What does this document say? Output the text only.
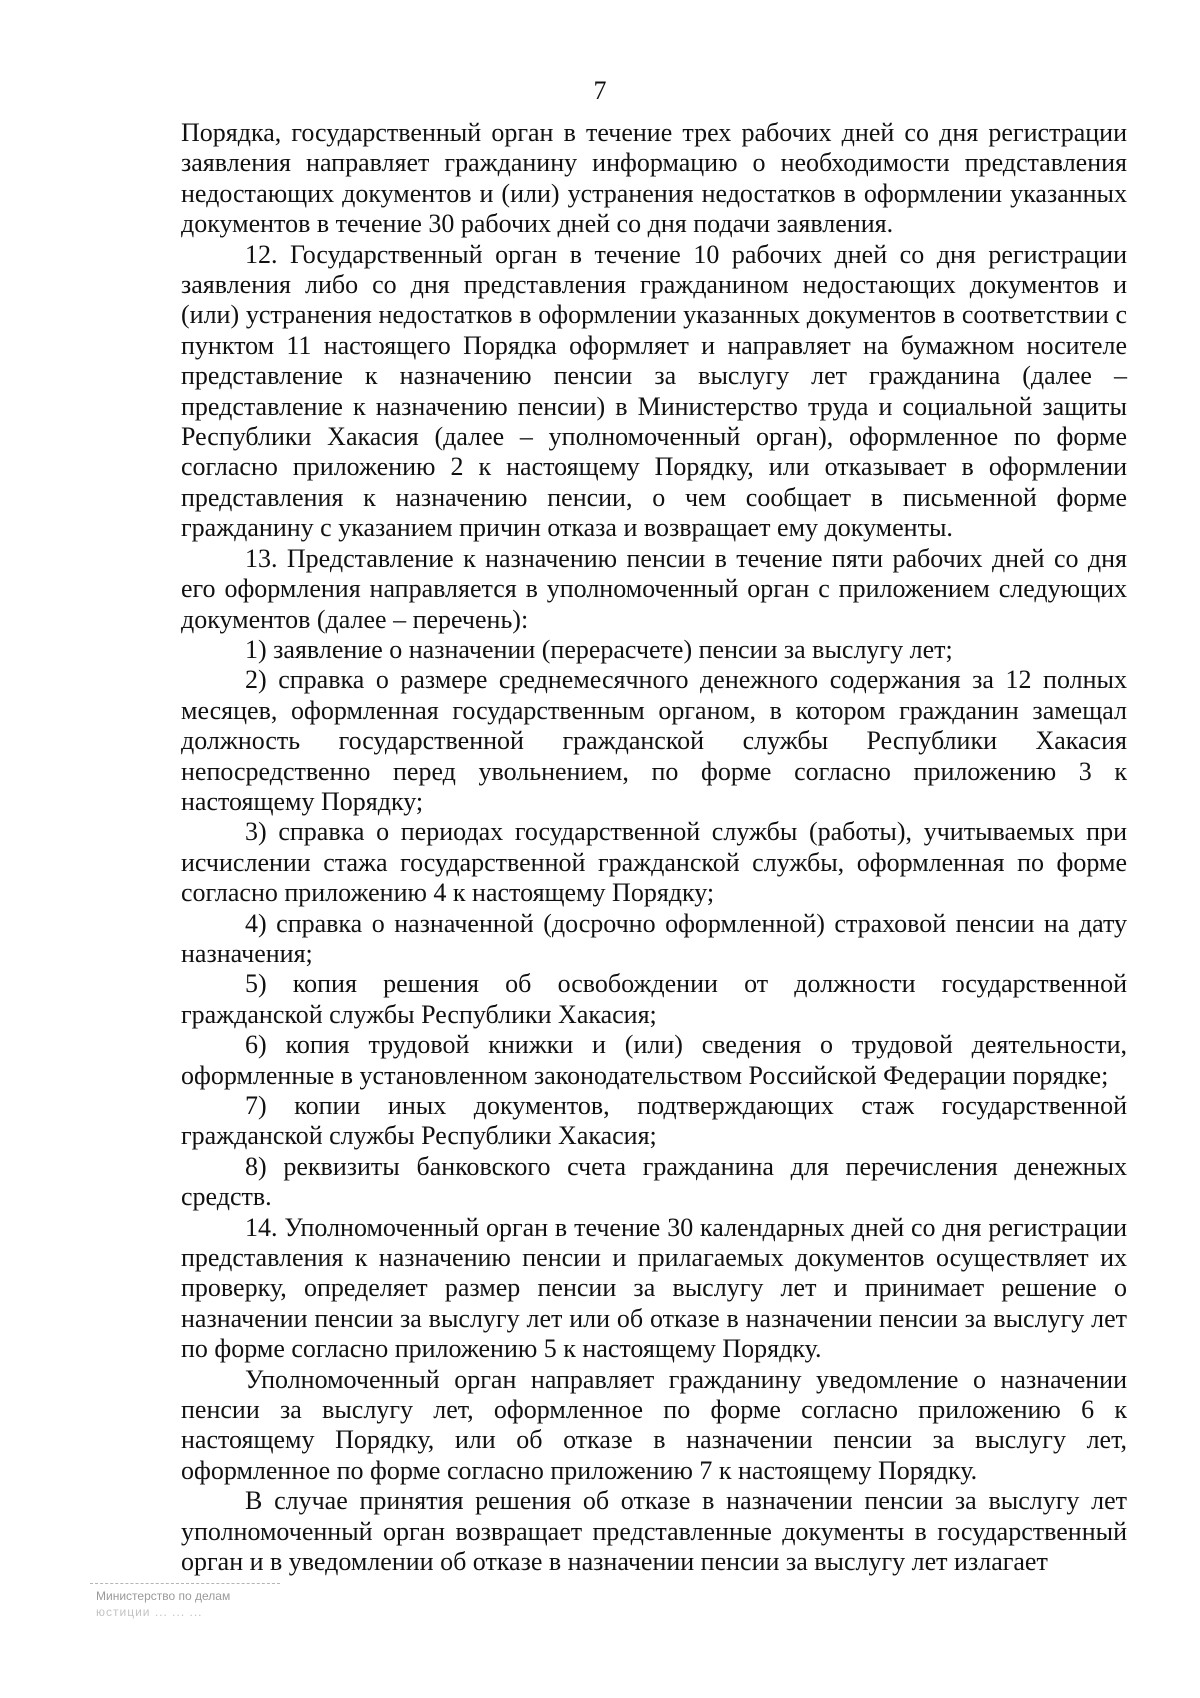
7

Порядка, государственный орган в течение трех рабочих дней со дня регистрации заявления направляет гражданину информацию о необходимости представления недостающих документов и (или) устранения недостатков в оформлении указанных документов в течение 30 рабочих дней со дня подачи заявления.

12. Государственный орган в течение 10 рабочих дней со дня регистрации заявления либо со дня представления гражданином недостающих документов и (или) устранения недостатков в оформлении указанных документов в соответствии с пунктом 11 настоящего Порядка оформляет и направляет на бумажном носителе представление к назначению пенсии за выслугу лет гражданина (далее – представление к назначению пенсии) в Министерство труда и социальной защиты Республики Хакасия (далее – уполномоченный орган), оформленное по форме согласно приложению 2 к настоящему Порядку, или отказывает в оформлении представления к назначению пенсии, о чем сообщает в письменной форме гражданину с указанием причин отказа и возвращает ему документы.

13. Представление к назначению пенсии в течение пяти рабочих дней со дня его оформления направляется в уполномоченный орган с приложением следующих документов (далее – перечень):

1) заявление о назначении (перерасчете) пенсии за выслугу лет;

2) справка о размере среднемесячного денежного содержания за 12 полных месяцев, оформленная государственным органом, в котором гражданин замещал должность государственной гражданской службы Республики Хакасия непосредственно перед увольнением, по форме согласно приложению 3 к настоящему Порядку;

3) справка о периодах государственной службы (работы), учитываемых при исчислении стажа государственной гражданской службы, оформленная по форме согласно приложению 4 к настоящему Порядку;

4) справка о назначенной (досрочно оформленной) страховой пенсии на дату назначения;

5) копия решения об освобождении от должности государственной гражданской службы Республики Хакасия;

6) копия трудовой книжки и (или) сведения о трудовой деятельности, оформленные в установленном законодательством Российской Федерации порядке;

7) копии иных документов, подтверждающих стаж государственной гражданской службы Республики Хакасия;

8) реквизиты банковского счета гражданина для перечисления денежных средств.

14. Уполномоченный орган в течение 30 календарных дней со дня регистрации представления к назначению пенсии и прилагаемых документов осуществляет их проверку, определяет размер пенсии за выслугу лет и принимает решение о назначении пенсии за выслугу лет или об отказе в назначении пенсии за выслугу лет по форме согласно приложению 5 к настоящему Порядку.

Уполномоченный орган направляет гражданину уведомление о назначении пенсии за выслугу лет, оформленное по форме согласно приложению 6 к настоящему Порядку, или об отказе в назначении пенсии за выслугу лет, оформленное по форме согласно приложению 7 к настоящему Порядку.

В случае принятия решения об отказе в назначении пенсии за выслугу лет уполномоченный орган возвращает представленные документы в государственный орган и в уведомлении об отказе в назначении пенсии за выслугу лет излагает

Министерство по делам
юстиции ... ... ...
